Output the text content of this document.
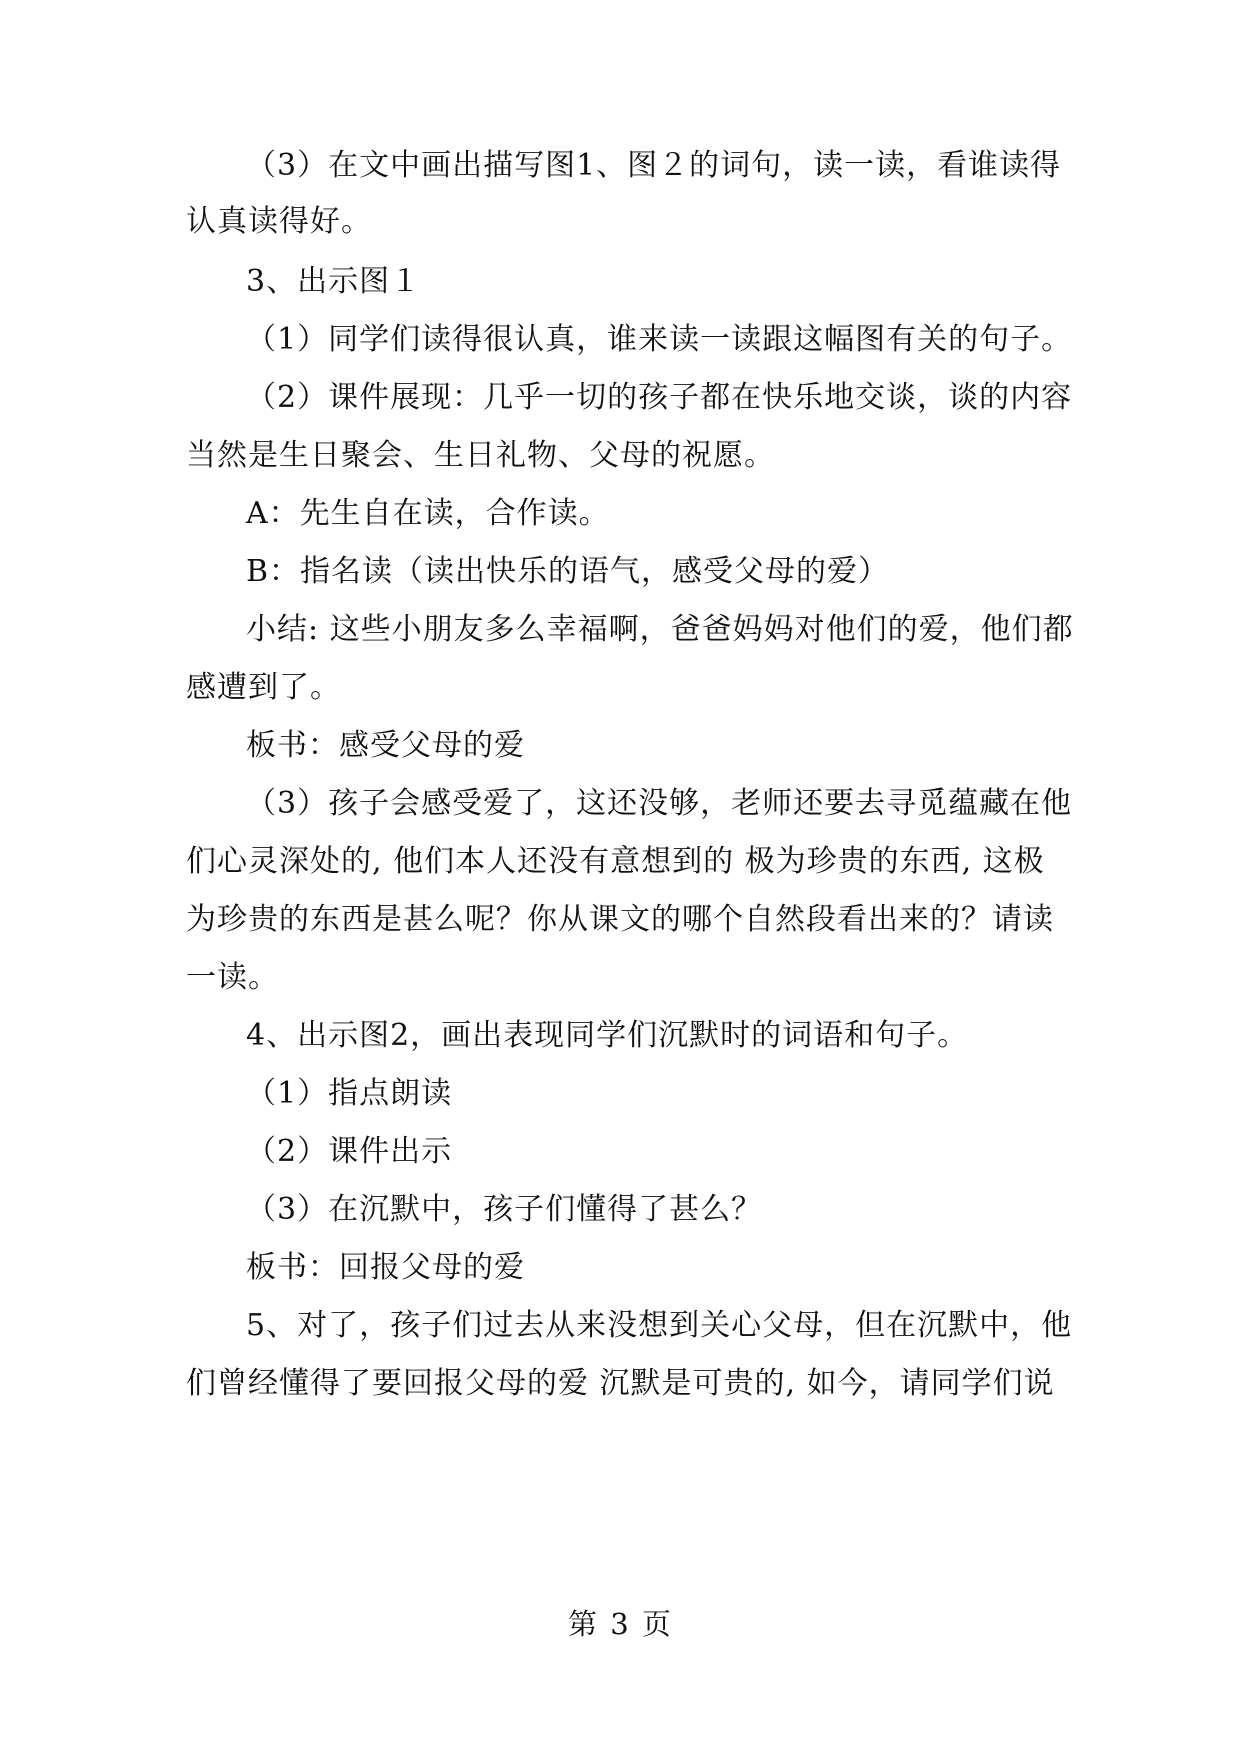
（3）在文中画出描写图1、图２的词句，读一读，看谁读得
认真读得好。
3、出示图１
（1）同学们读得很认真，谁来读一读跟这幅图有关的句子。
（2）课件展现：几乎一切的孩子都在快乐地交谈，谈的内容
当然是生日聚会、生日礼物、父母的祝愿。
A：先生自在读，合作读。
B：指名读（读出快乐的语气，感受父母的爱）
小结: 这些小朋友多么幸福啊，爸爸妈妈对他们的爱，他们都
感遭到了。
板书：感受父母的爱
（3）孩子会感受爱了，这还没够，老师还要去寻觅蕴藏在他
们心灵深处的, 他们本人还没有意想到的 极为珍贵的东西, 这极
为珍贵的东西是甚么呢？你从课文的哪个自然段看出来的？请读
一读。
4、出示图2，画出表现同学们沉默时的词语和句子。
（1）指点朗读
（2）课件出示
（3）在沉默中，孩子们懂得了甚么？
板书：回报父母的爱
5、对了，孩子们过去从来没想到关心父母，但在沉默中，他
们曾经懂得了要回报父母的爱 沉默是可贵的, 如今，请同学们说
第 3 页
